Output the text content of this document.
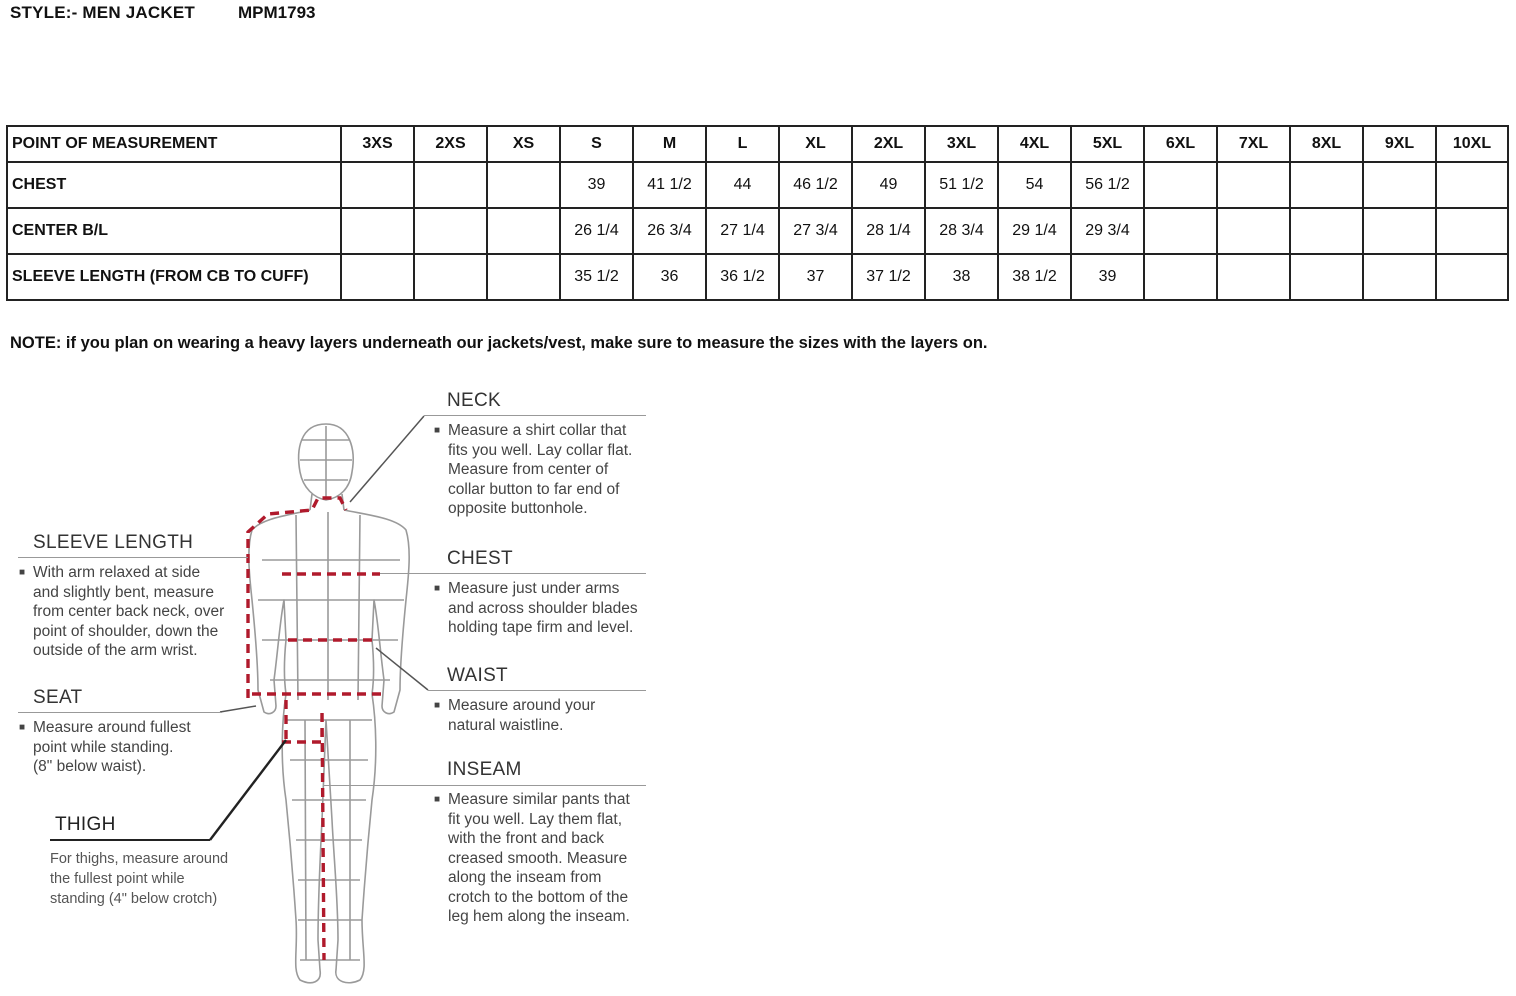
STYLE:- MEN JACKET	MPM1793
POINT OF MEASUREMENT	3XS	2XS	XS	S	M	L	XL	2XL	3XL	4XL	5XL	6XL	7XL	8XL	9XL	10XL
CHEST				39	41 1/2	44	46 1/2	49	51 1/2	54	56 1/2					
CENTER B/L				26 1/4	26 3/4	27 1/4	27 3/4	28 1/4	28 3/4	29 1/4	29 3/4					
SLEEVE LENGTH (FROM CB TO CUFF)				35 1/2	36	36 1/2	37	37 1/2	38	38 1/2	39					
NOTE: if you plan on wearing a heavy layers underneath our jackets/vest, make sure to measure the sizes with the layers on.
NECK
■ Measure a shirt collar that
fits you well. Lay collar flat.
Measure from center of
collar button to far end of
opposite buttonhole.
CHEST
■ Measure just under arms
and across shoulder blades
holding tape firm and level.
WAIST
■ Measure around your
natural waistline.
INSEAM
■ Measure similar pants that
fit you well. Lay them flat,
with the front and back
creased smooth. Measure
along the inseam from
crotch to the bottom of the
leg hem along the inseam.
SLEEVE LENGTH
■ With arm relaxed at side
and slightly bent, measure
from center back neck, over
point of shoulder, down the
outside of the arm wrist.
SEAT
■ Measure around fullest
point while standing.
(8" below waist).
THIGH
For thighs, measure around
the fullest point while
standing (4" below crotch)
